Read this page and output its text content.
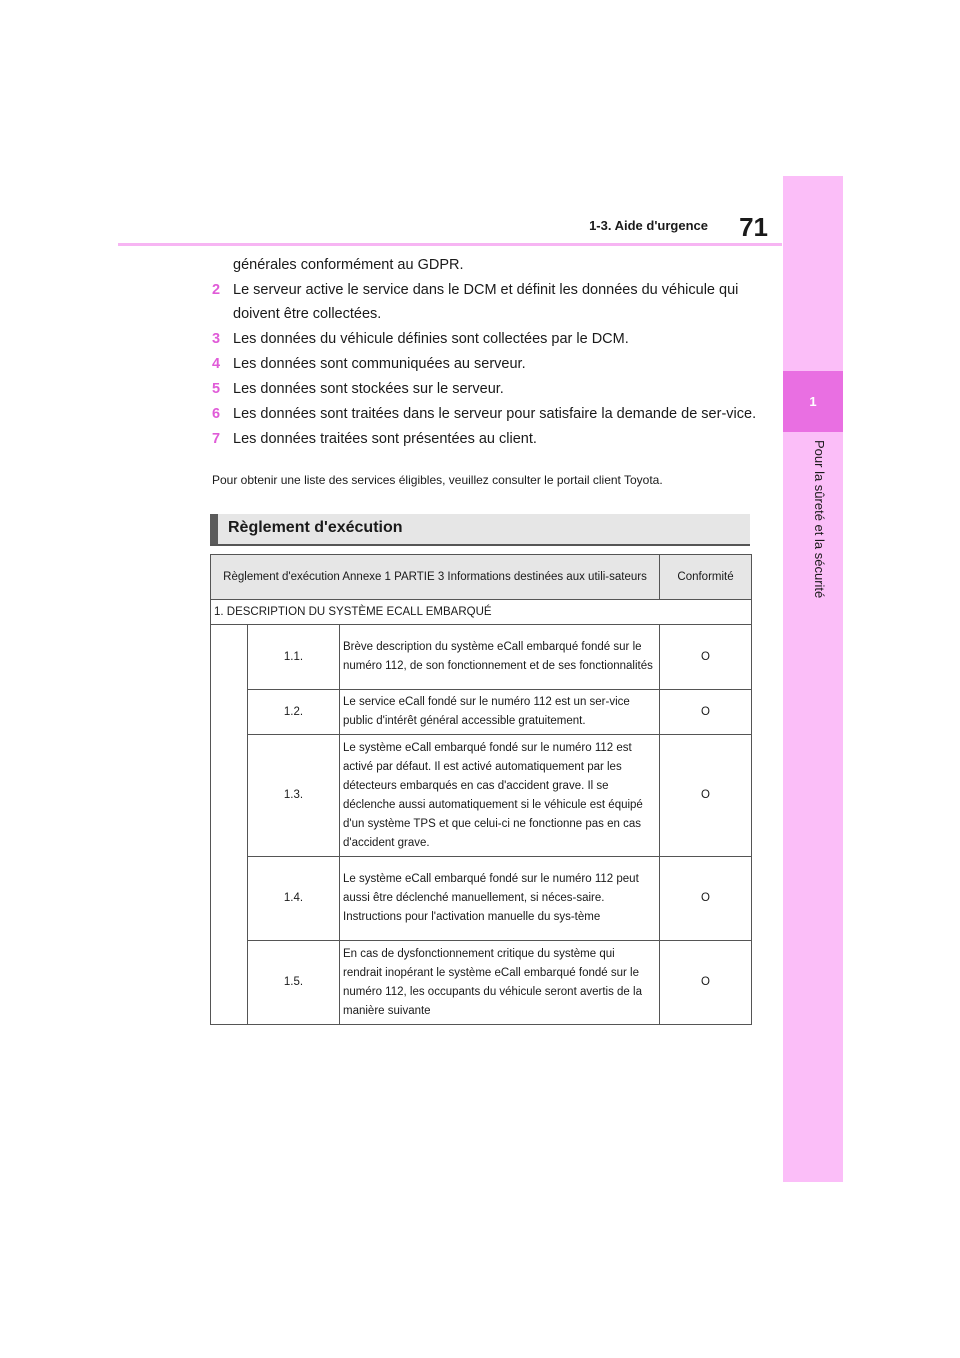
1-3. Aide d'urgence	71
1
Pour la sûreté et la sécurité
générales conformément au GDPR.
2 Le serveur active le service dans le DCM et définit les données du véhicule qui doivent être collectées.
3 Les données du véhicule définies sont collectées par le DCM.
4 Les données sont communiquées au serveur.
5 Les données sont stockées sur le serveur.
6 Les données sont traitées dans le serveur pour satisfaire la demande de ser-vice.
7 Les données traitées sont présentées au client.
Pour obtenir une liste des services éligibles, veuillez consulter le portail client Toyota.
Règlement d'exécution
Règlement d'exécution Annexe 1 PARTIE 3 Informations destinées aux utili-sateurs			Conformité
1. DESCRIPTION DU SYSTÈME ECALL EMBARQUÉ			
	1.1.	Brève description du système eCall embarqué fondé sur le numéro 112, de son fonctionnement et de ses fonctionnalités	O
	1.2.	Le service eCall fondé sur le numéro 112 est un ser-vice public d'intérêt général accessible gratuitement.	O
	1.3.	Le système eCall embarqué fondé sur le numéro 112 est activé par défaut. Il est activé automatiquement par les détecteurs embarqués en cas d'accident grave. Il se déclenche aussi automatiquement si le véhicule est équipé d'un système TPS et que celui-ci ne fonctionne pas en cas d'accident grave.	O
	1.4.	Le système eCall embarqué fondé sur le numéro 112 peut aussi être déclenché manuellement, si néces-saire. Instructions pour l'activation manuelle du sys-tème	O
	1.5.	En cas de dysfonctionnement critique du système qui rendrait inopérant le système eCall embarqué fondé sur le numéro 112, les occupants du véhicule seront avertis de la manière suivante	O
